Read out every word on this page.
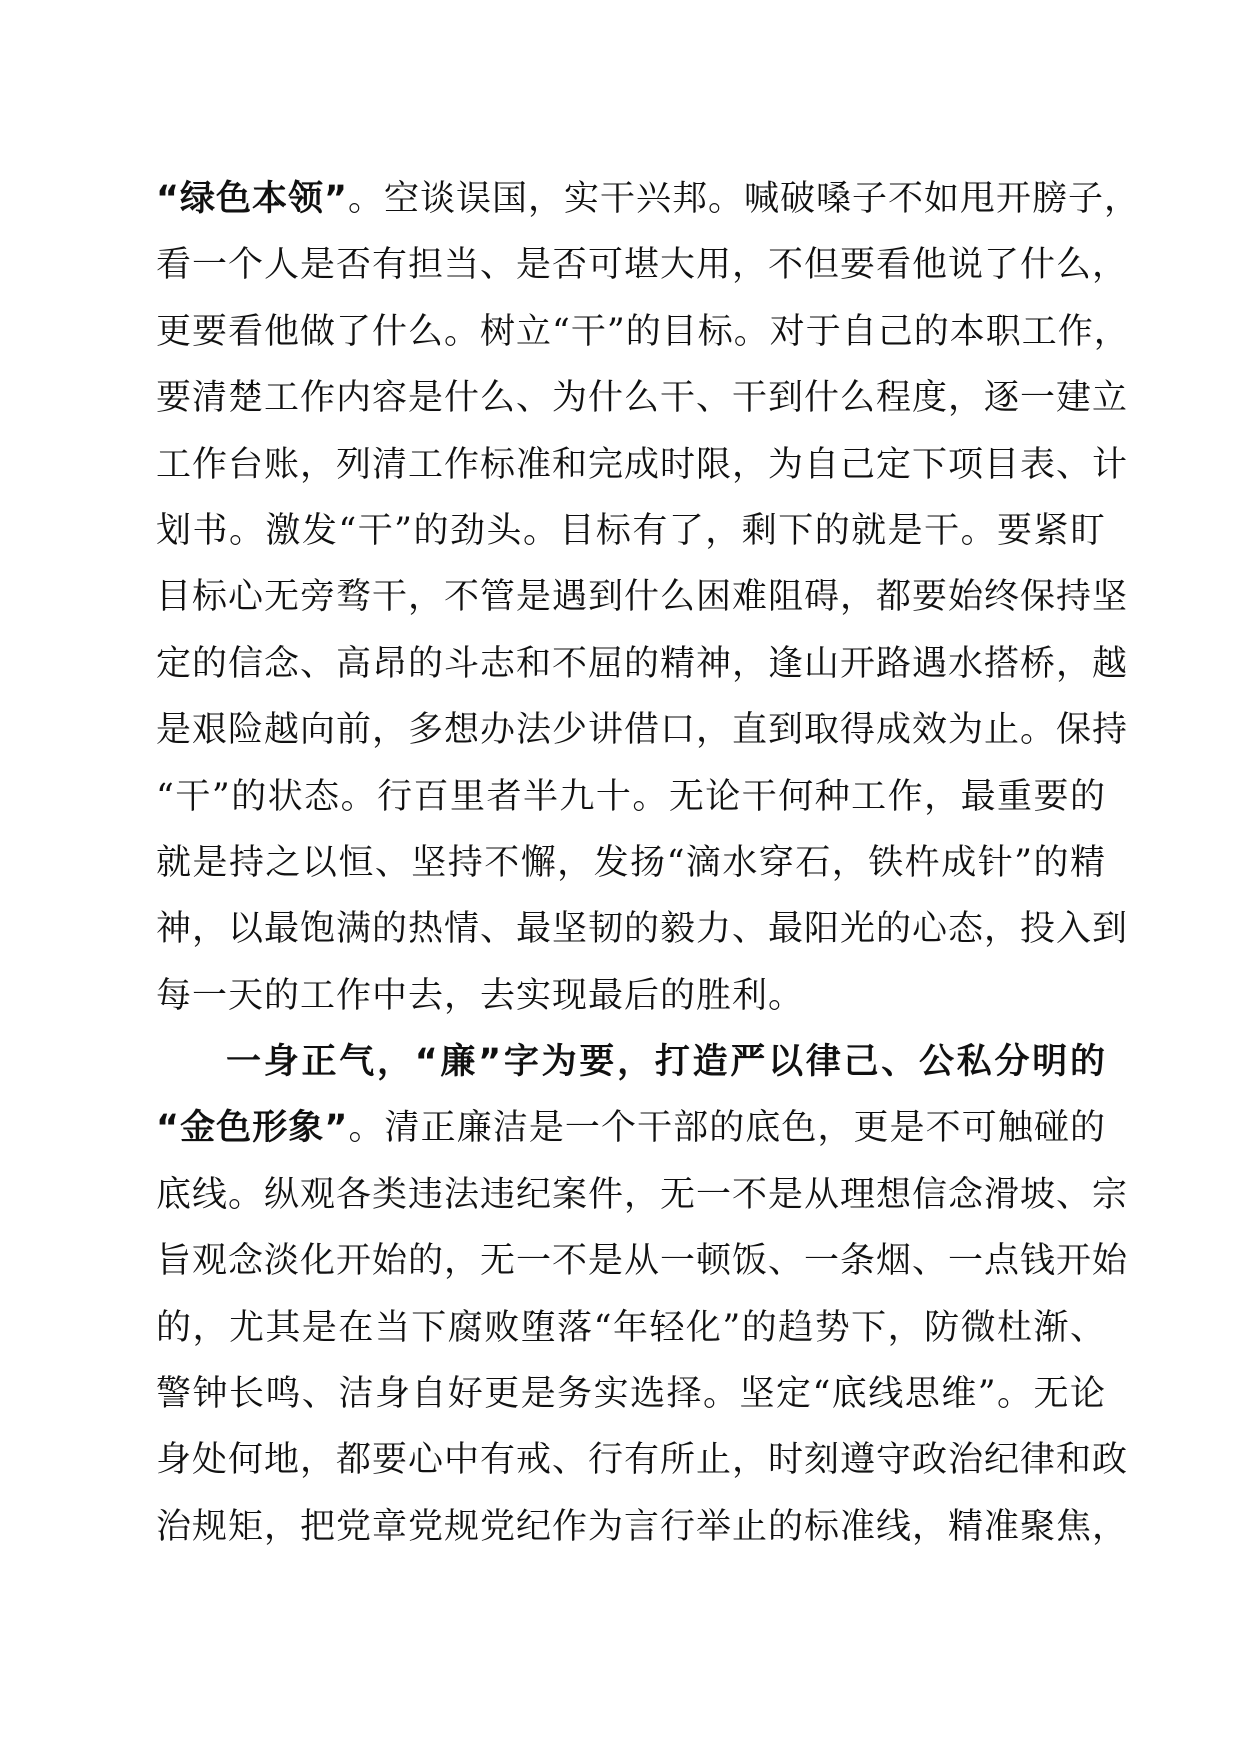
“绿色本领”。空谈误国，实干兴邦。喊破嗓子不如甩开膀子，
看一个人是否有担当、是否可堪大用，不但要看他说了什么，
更要看他做了什么。树立“干”的目标。对于自己的本职工作，
要清楚工作内容是什么、为什么干、干到什么程度，逐一建立
工作台账，列清工作标准和完成时限，为自己定下项目表、计
划书。激发“干”的劲头。目标有了，剩下的就是干。要紧盯
目标心无旁骛干，不管是遇到什么困难阻碍，都要始终保持坚
定的信念、高昂的斗志和不屈的精神，逢山开路遇水搭桥，越
是艰险越向前，多想办法少讲借口，直到取得成效为止。保持
“干”的状态。行百里者半九十。无论干何种工作，最重要的
就是持之以恒、坚持不懈，发扬“滴水穿石，铁杵成针”的精
神，以最饱满的热情、最坚韧的毅力、最阳光的心态，投入到
每一天的工作中去，去实现最后的胜利。
一身正气，“廉”字为要，打造严以律己、公私分明的
“金色形象”。清正廉洁是一个干部的底色，更是不可触碰的
底线。纵观各类违法违纪案件，无一不是从理想信念滑坡、宗
旨观念淡化开始的，无一不是从一顿饭、一条烟、一点钱开始
的，尤其是在当下腐败堕落“年轻化”的趋势下，防微杜渐、
警钟长鸣、洁身自好更是务实选择。坚定“底线思维”。无论
身处何地，都要心中有戒、行有所止，时刻遵守政治纪律和政
治规矩，把党章党规党纪作为言行举止的标准线，精准聚焦，
